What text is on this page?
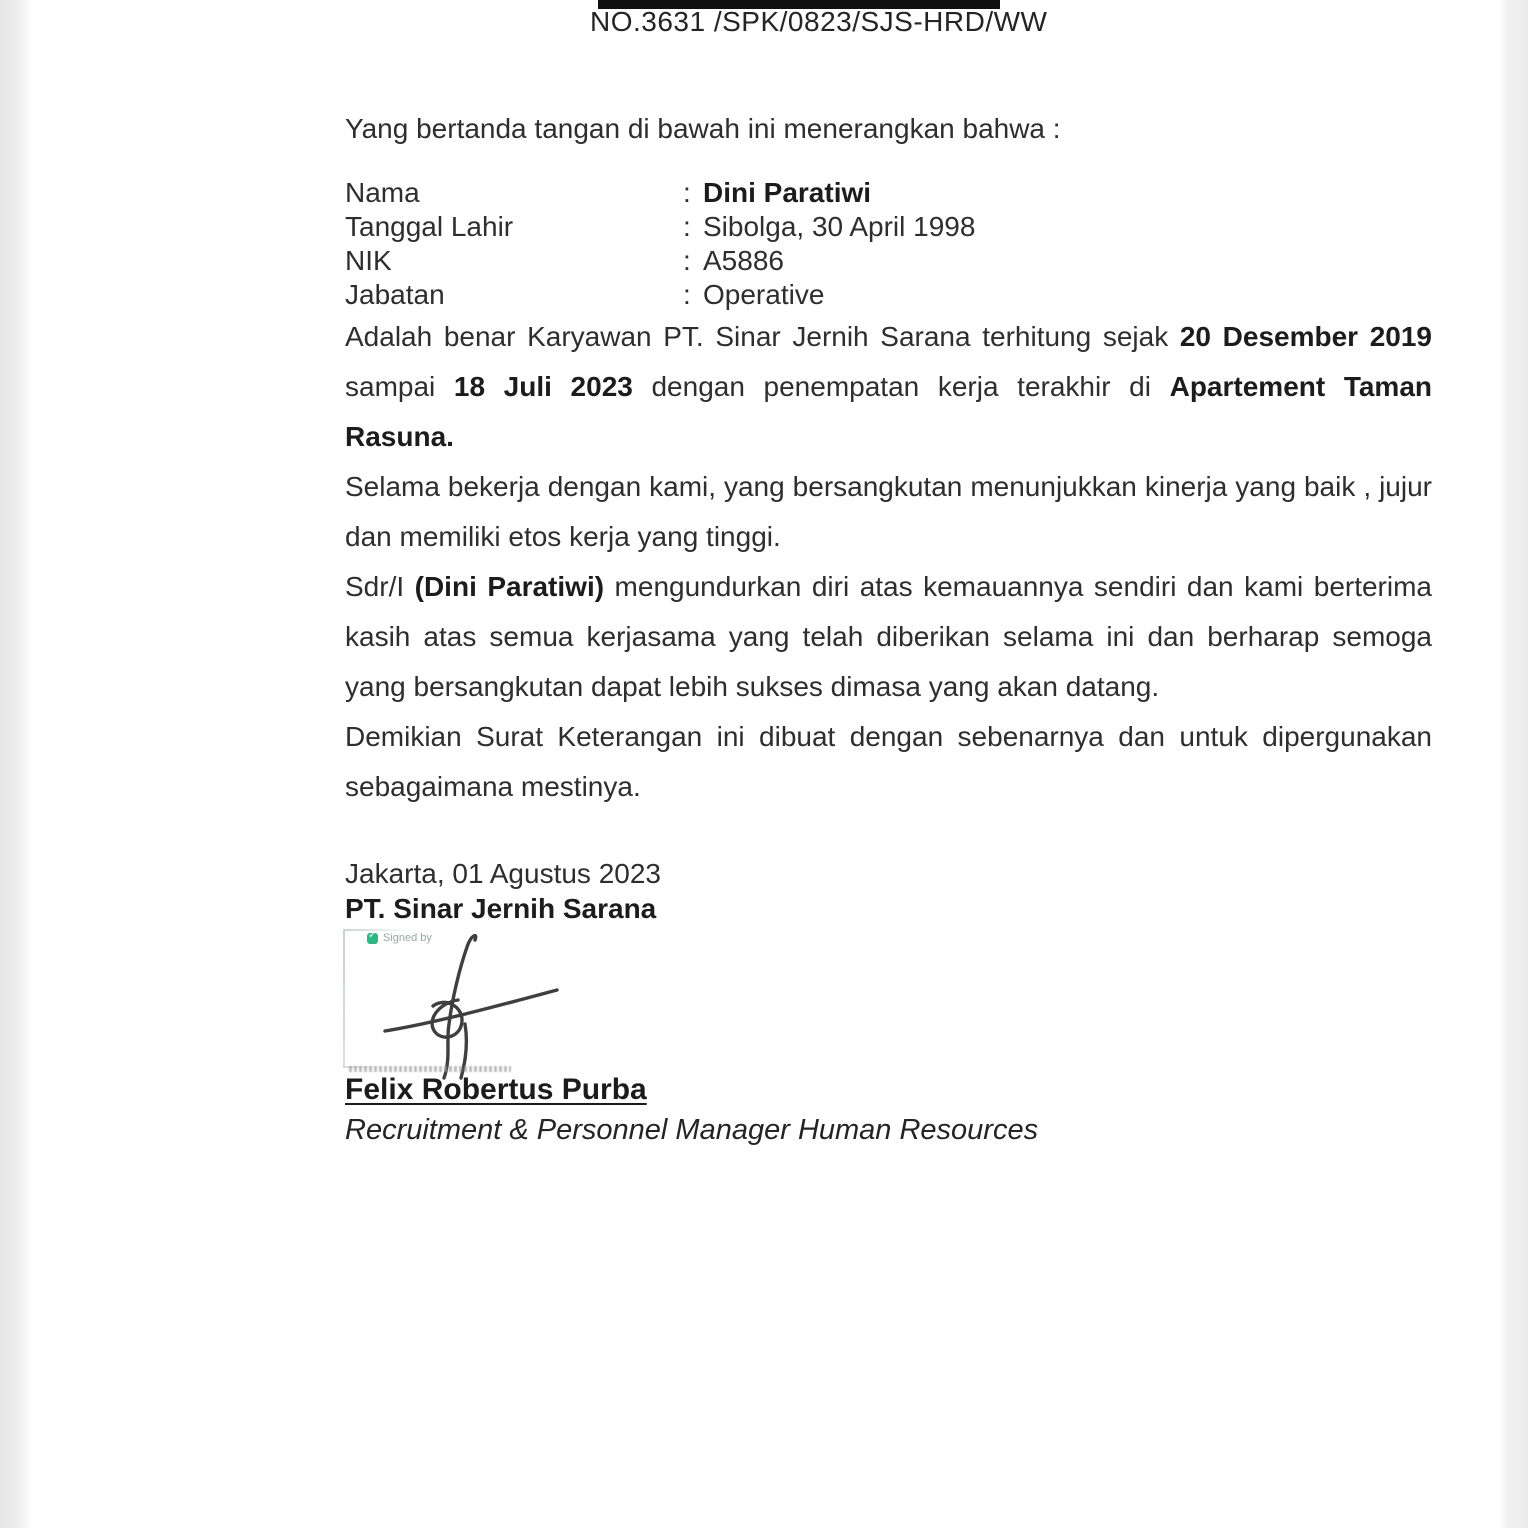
NO.3631 /SPK/0823/SJS-HRD/WW
Yang bertanda tangan di bawah ini menerangkan bahwa :
Nama	: Dini Paratiwi
Tanggal Lahir	: Sibolga, 30 April 1998
NIK	: A5886
Jabatan	: Operative

Adalah benar Karyawan PT. Sinar Jernih Sarana terhitung sejak 20 Desember 2019 sampai 18 Juli 2023 dengan penempatan kerja terakhir di Apartement Taman Rasuna.

Selama bekerja dengan kami, yang bersangkutan menunjukkan kinerja yang baik , jujur dan memiliki etos kerja yang tinggi.

Sdr/I (Dini Paratiwi) mengundurkan diri atas kemauannya sendiri dan kami berterima kasih atas semua kerjasama yang telah diberikan selama ini dan berharap semoga yang bersangkutan dapat lebih sukses dimasa yang akan datang.

Demikian Surat Keterangan ini dibuat dengan sebenarnya dan untuk dipergunakan sebagaimana mestinya.

Jakarta, 01 Agustus 2023
PT. Sinar Jernih Sarana
✓
Signed by
Felix Robertus Purba
Recruitment & Personnel Manager Human Resources
